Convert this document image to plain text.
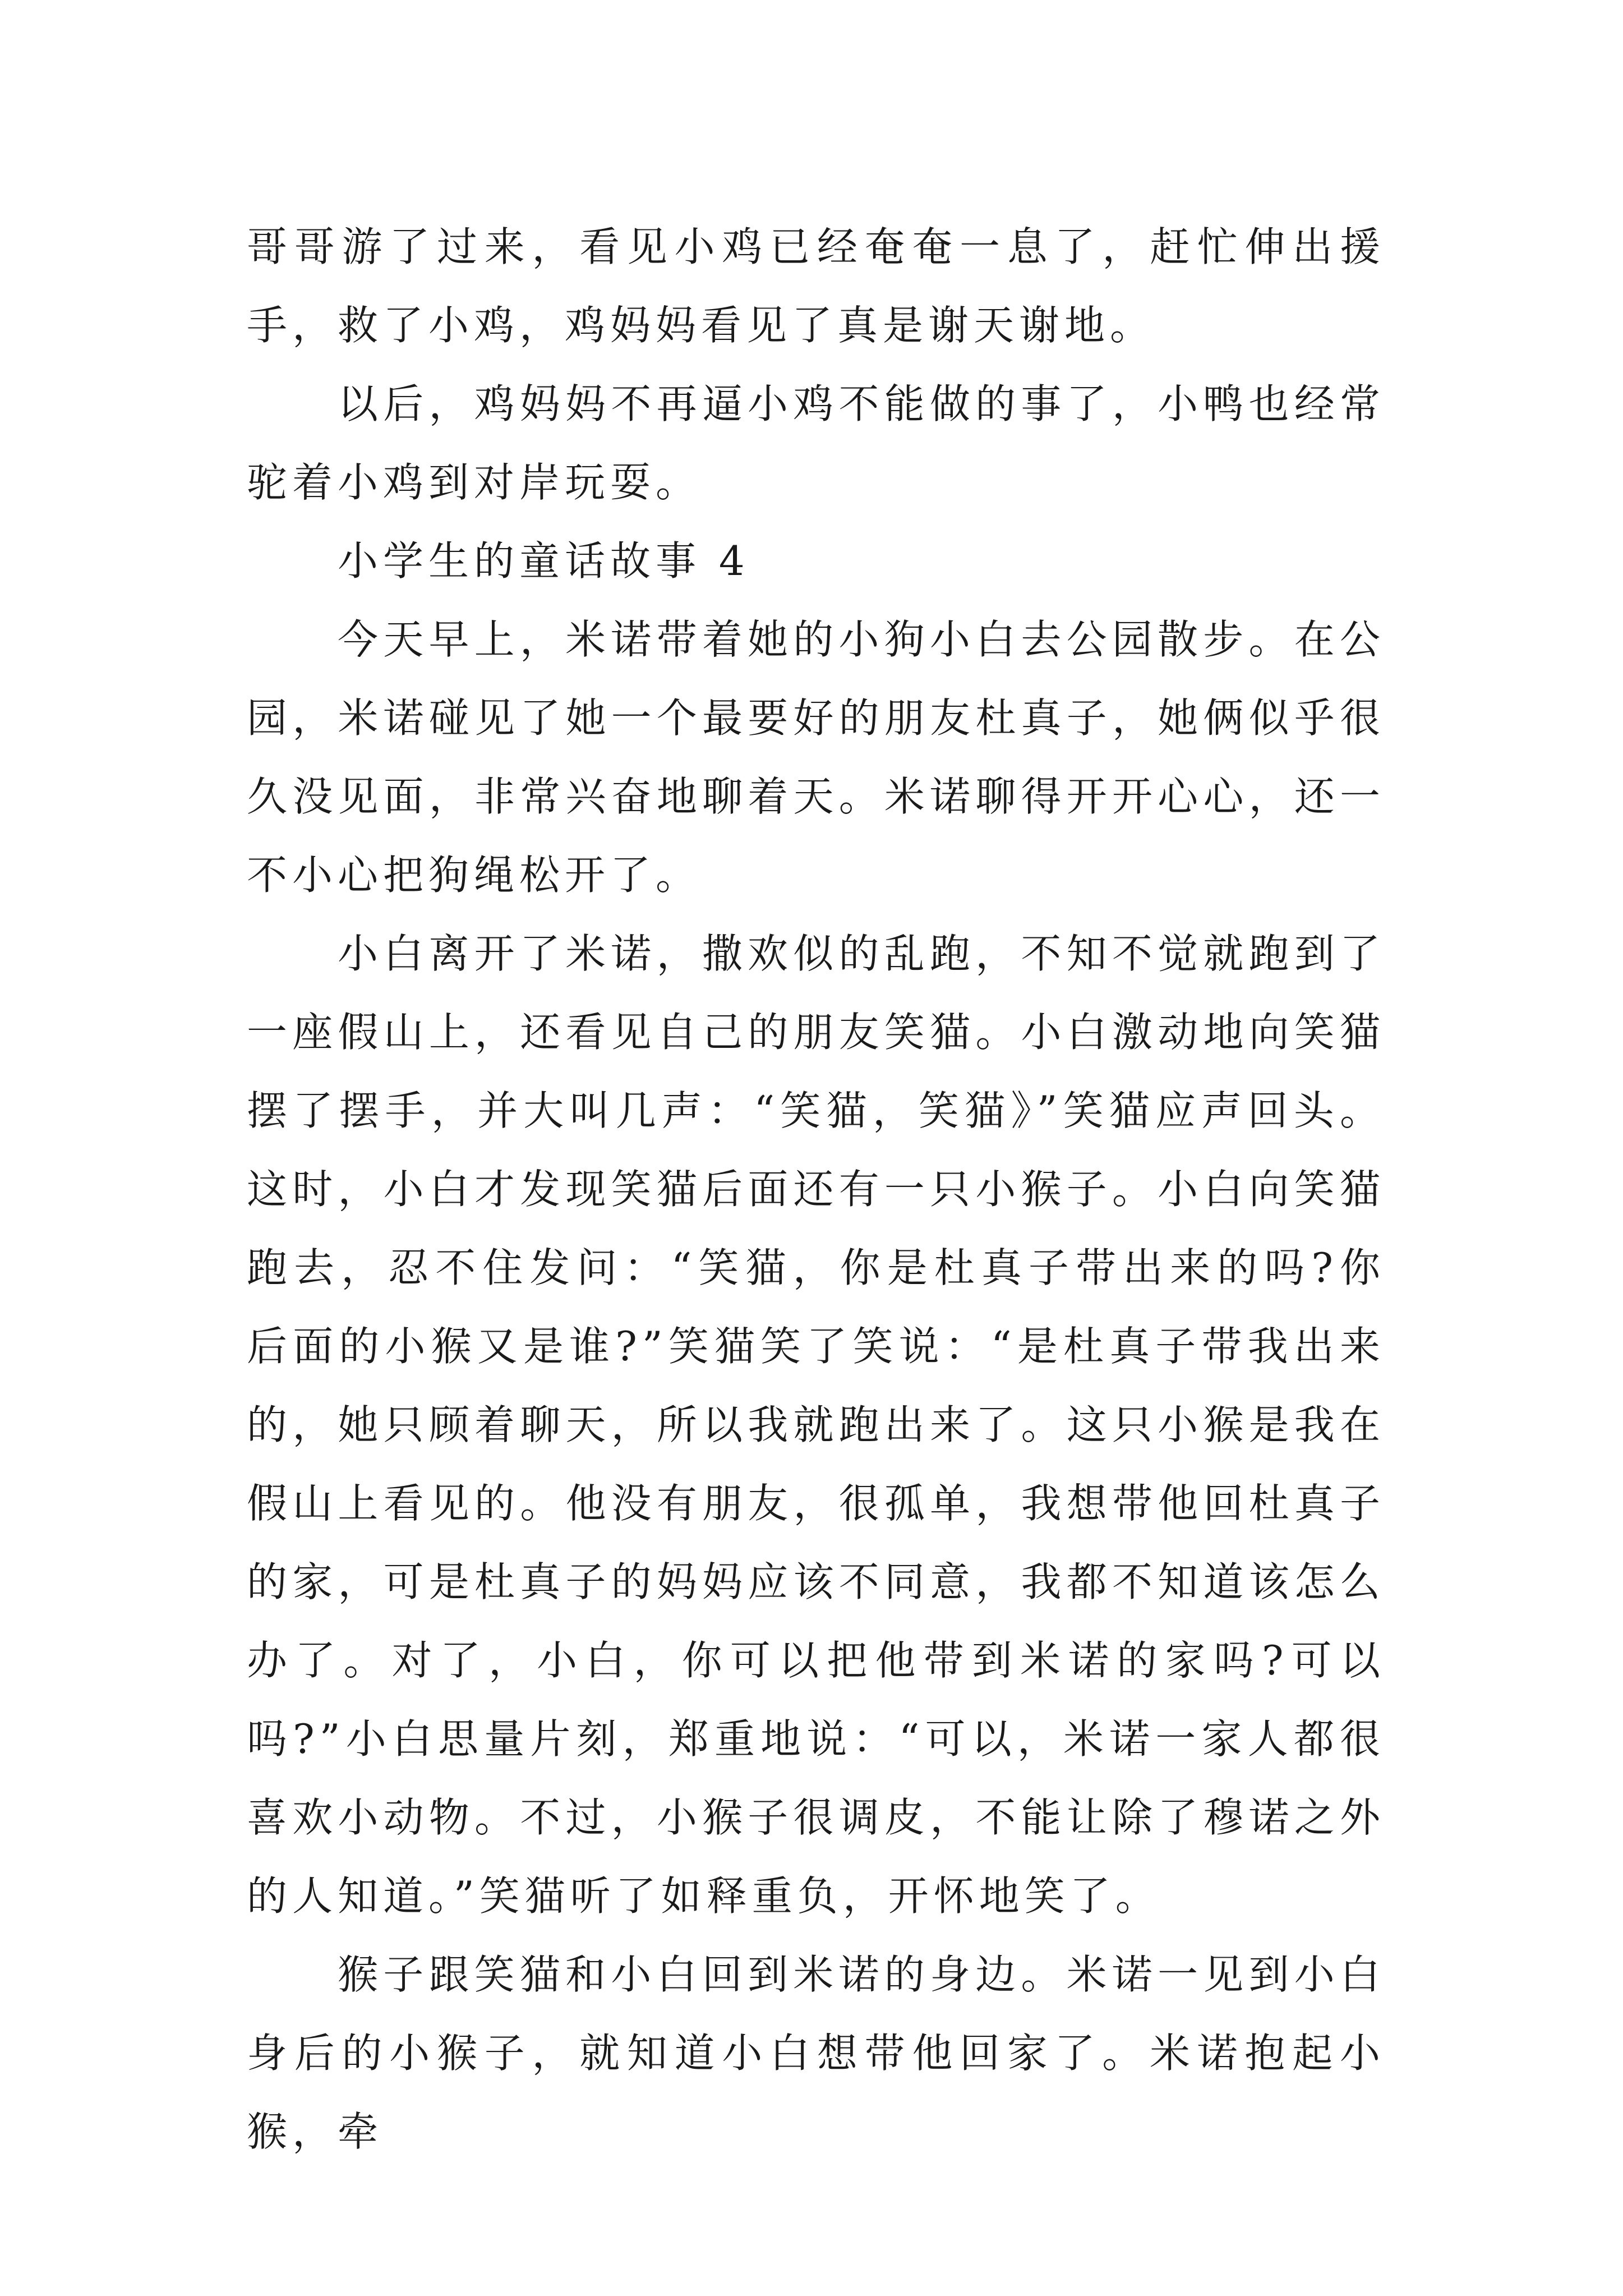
哥哥游了过来，看见小鸡已经奄奄一息了，赶忙伸出援手，救了小鸡，鸡妈妈看见了真是谢天谢地。

以后，鸡妈妈不再逼小鸡不能做的事了，小鸭也经常驼着小鸡到对岸玩耍。

小学生的童话故事 4

今天早上，米诺带着她的小狗小白去公园散步。在公园，米诺碰见了她一个最要好的朋友杜真子，她俩似乎很久没见面，非常兴奋地聊着天。米诺聊得开开心心，还一不小心把狗绳松开了。

小白离开了米诺，撒欢似的乱跑，不知不觉就跑到了一座假山上，还看见自己的朋友笑猫。小白激动地向笑猫摆了摆手，并大叫几声：“笑猫，笑猫》”笑猫应声回头。这时，小白才发现笑猫后面还有一只小猴子。小白向笑猫跑去，忍不住发问：“笑猫，你是杜真子带出来的吗?你后面的小猴又是谁?”笑猫笑了笑说：“是杜真子带我出来的，她只顾着聊天，所以我就跑出来了。这只小猴是我在假山上看见的。他没有朋友，很孤单，我想带他回杜真子的家，可是杜真子的妈妈应该不同意，我都不知道该怎么办了。对了，小白，你可以把他带到米诺的家吗?可以吗?”小白思量片刻，郑重地说：“可以，米诺一家人都很喜欢小动物。不过，小猴子很调皮，不能让除了穆诺之外的人知道。”笑猫听了如释重负，开怀地笑了。

猴子跟笑猫和小白回到米诺的身边。米诺一见到小白身后的小猴子，就知道小白想带他回家了。米诺抱起小猴，牵
